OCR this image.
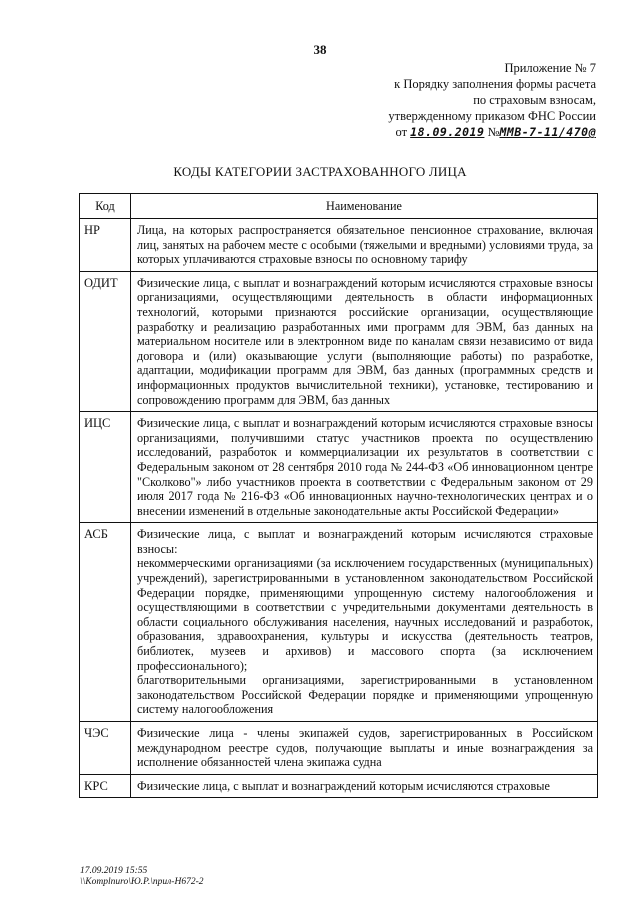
38
Приложение № 7
к Порядку заполнения формы расчета
по страховым взносам,
утвержденному приказом ФНС России
от 18.09.2019 №ММВ-7-11/470@
КОДЫ КАТЕГОРИИ ЗАСТРАХОВАННОГО ЛИЦА
Код	Наименование
НР	Лица, на которых распространяется обязательное пенсионное страхование, включая лиц, занятых на рабочем месте с особыми (тяжелыми и вредными) условиями труда, за которых уплачиваются страховые взносы по основному тарифу

ОДИТ	Физические лица, с выплат и вознаграждений которым исчисляются страховые взносы организациями, осуществляющими деятельность в области информационных технологий, которыми признаются российские организации, осуществляющие разработку и реализацию разработанных ими программ для ЭВМ, баз данных на материальном носителе или в электронном виде по каналам связи независимо от вида договора и (или) оказывающие услуги (выполняющие работы) по разработке, адаптации, модификации программ для ЭВМ, баз данных (программных средств и информационных продуктов вычислительной техники), установке, тестированию и сопровождению программ для ЭВМ, баз данных

ИЦС	Физические лица, с выплат и вознаграждений которым исчисляются страховые взносы организациями, получившими статус участников проекта по осуществлению исследований, разработок и коммерциализации их результатов в соответствии с Федеральным законом от 28 сентября 2010 года № 244-ФЗ «Об инновационном центре "Сколково"» либо участников проекта в соответствии с Федеральным законом от 29 июля 2017 года № 216-ФЗ «Об инновационных научно-технологических центрах и о внесении изменений в отдельные законодательные акты Российской Федерации»

АСБ	Физические лица, с выплат и вознаграждений которым исчисляются страховые взносы:

некоммерческими организациями (за исключением государственных (муниципальных) учреждений), зарегистрированными в установленном законодательством Российской Федерации порядке, применяющими упрощенную систему налогообложения и осуществляющими в соответствии с учредительными документами деятельность в области социального обслуживания населения, научных исследований и разработок, образования, здравоохранения, культуры и искусства (деятельность театров, библиотек, музеев и архивов) и массового спорта (за исключением профессионального);

благотворительными организациями, зарегистрированными в установленном законодательством Российской Федерации порядке и применяющими упрощенную систему налогообложения

ЧЭС	Физические лица - члены экипажей судов, зарегистрированных в Российском международном реестре судов, получающие выплаты и иные вознаграждения за исполнение обязанностей члена экипажа судна

КРС	Физические лица, с выплат и вознаграждений которым исчисляются страховые

17.09.2019 15:55
\\Komplnuro\Ю.Р.\прил-Н672-2
